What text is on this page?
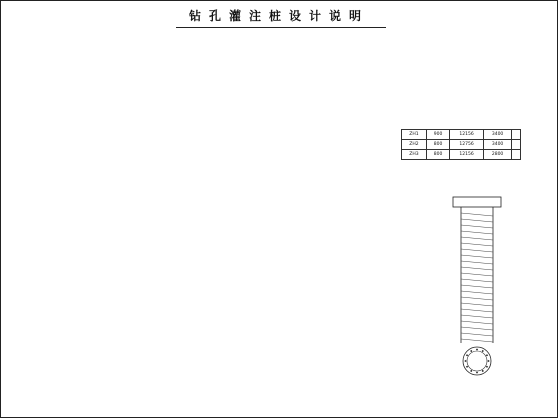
钻孔灌注桩设计说明
ZH1	900	12156	3400	
ZH2	800	12756	3400	
ZH3	800	12156	2800	
